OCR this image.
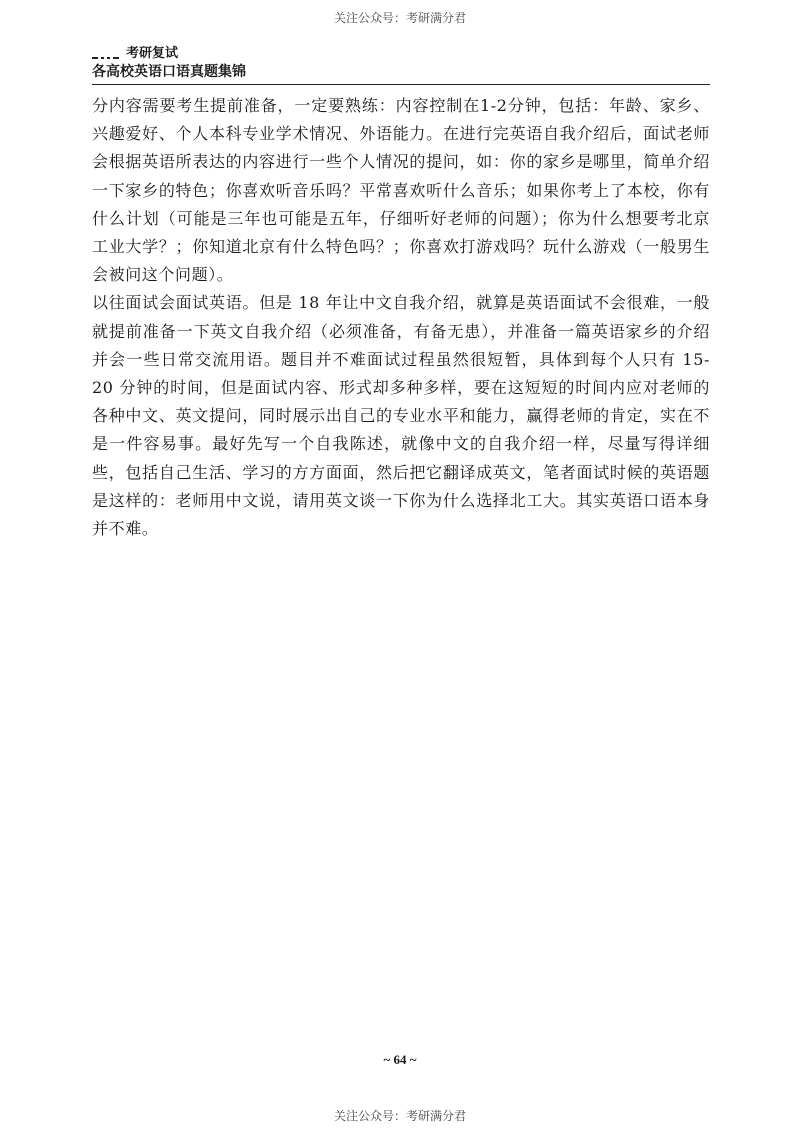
关注公众号：考研满分君
考研复试
各高校英语口语真题集锦

分内容需要考生提前准备，一定要熟练：内容控制在1-2分钟，包括：年龄、家乡、兴趣爱好、个人本科专业学术情况、外语能力。在进行完英语自我介绍后，面试老师会根据英语所表达的内容进行一些个人情况的提问，如：你的家乡是哪里，简单介绍一下家乡的特色；你喜欢听音乐吗？平常喜欢听什么音乐；如果你考上了本校，你有什么计划（可能是三年也可能是五年，仔细听好老师的问题）；你为什么想要考北京工业大学？；你知道北京有什么特色吗？；你喜欢打游戏吗？玩什么游戏（一般男生会被问这个问题）。

以往面试会面试英语。但是 18 年让中文自我介绍，就算是英语面试不会很难，一般就提前准备一下英文自我介绍（必须准备，有备无患），并准备一篇英语家乡的介绍并会一些日常交流用语。题目并不难面试过程虽然很短暂，具体到每个人只有 15-20 分钟的时间，但是面试内容、形式却多种多样，要在这短短的时间内应对老师的各种中文、英文提问，同时展示出自己的专业水平和能力，赢得老师的肯定，实在不是一件容易事。最好先写一个自我陈述，就像中文的自我介绍一样，尽量写得详细些，包括自己生活、学习的方方面面，然后把它翻译成英文，笔者面试时候的英语题是这样的：老师用中文说，请用英文谈一下你为什么选择北工大。其实英语口语本身并不难。

~ 64 ~
关注公众号：考研满分君
